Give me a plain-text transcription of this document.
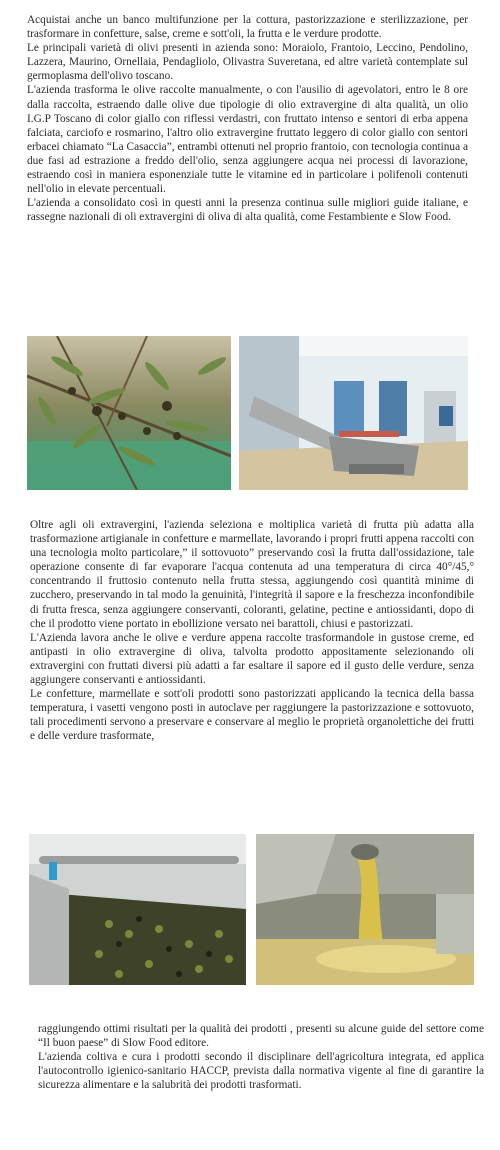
Acquistai anche un banco multifunzione per la cottura, pastorizzazione e sterilizzazione, per trasformare in confetture, salse, creme e sott'oli, la frutta e le verdure prodotte.

Le principali varietà di olivi presenti in azienda sono: Moraiolo, Frantoio, Leccino, Pendolino, Lazzera, Maurino, Ornellaia, Pendagliolo, Olivastra Suveretana, ed altre varietà contemplate sul germoplasma dell'olivo toscano.

L'azienda trasforma le olive raccolte manualmente, o con l'ausilio di agevolatori, entro le 8 ore dalla raccolta, estraendo dalle olive due tipologie di olio extravergine di alta qualità, un olio I.G.P Toscano di color giallo con riflessi verdastri, con fruttato intenso e sentori di erba appena falciata, carciofo e rosmarino, l'altro olio extravergine fruttato leggero di color giallo con sentori erbacei chiamato “La Casaccia”, entrambi ottenuti nel proprio frantoio, con tecnologia continua a due fasi ad estrazione a freddo dell'olio, senza aggiungere acqua nei processi di lavorazione, estraendo così in maniera esponenziale tutte le vitamine ed in particolare i polifenoli contenuti nell'olio in elevate percentuali.

L'azienda a consolidato così in questi anni la presenza continua sulle migliori guide italiane, e rassegne nazionali di oli extravergini di oliva di alta qualità, come Festambiente e Slow Food.

Oltre agli oli extravergini, l'azienda seleziona e moltiplica varietà di frutta più adatta alla trasformazione artigianale in confetture e marmellate, lavorando i propri frutti appena raccolti con una tecnologia molto particolare,” il sottovuoto” preservando così la frutta dall'ossidazione, tale operazione consente di far evaporare l'acqua contenuta ad una temperatura di circa 40°/45,° concentrando il fruttosio contenuto nella frutta stessa, aggiungendo così quantità minime di zucchero, preservando in tal modo la genuinità, l'integrità il sapore e la freschezza inconfondibile di frutta fresca, senza aggiungere conservanti, coloranti, gelatine, pectine e antiossidanti, dopo di che il prodotto viene portato in ebollizione versato nei barattoli, chiusi e pastorizzati.

L'Azienda lavora anche le olive e verdure appena raccolte trasformandole in gustose creme, ed antipasti in olio extravergine di oliva, talvolta prodotto appositamente selezionando oli extravergini con fruttati diversi più adatti a far esaltare il sapore ed il gusto delle verdure, senza aggiungere conservanti e antiossidanti.

Le confetture, marmellate e sott'oli prodotti sono pastorizzati applicando la tecnica della bassa temperatura, i vasetti vengono posti in autoclave per raggiungere la pastorizzazione e sottovuoto, tali procedimenti servono a preservare e conservare al meglio le proprietà organolettiche dei frutti e delle verdure trasformate,

raggiungendo ottimi risultati per la qualità dei prodotti , presenti su alcune guide del settore come “Il buon paese” di Slow Food editore.

L'azienda coltiva e cura i prodotti secondo il disciplinare dell'agricoltura integrata, ed applica l'autocontrollo igienico-sanitario HACCP, prevista dalla normativa vigente al fine di garantire la sicurezza alimentare e la salubrità dei prodotti trasformati.
